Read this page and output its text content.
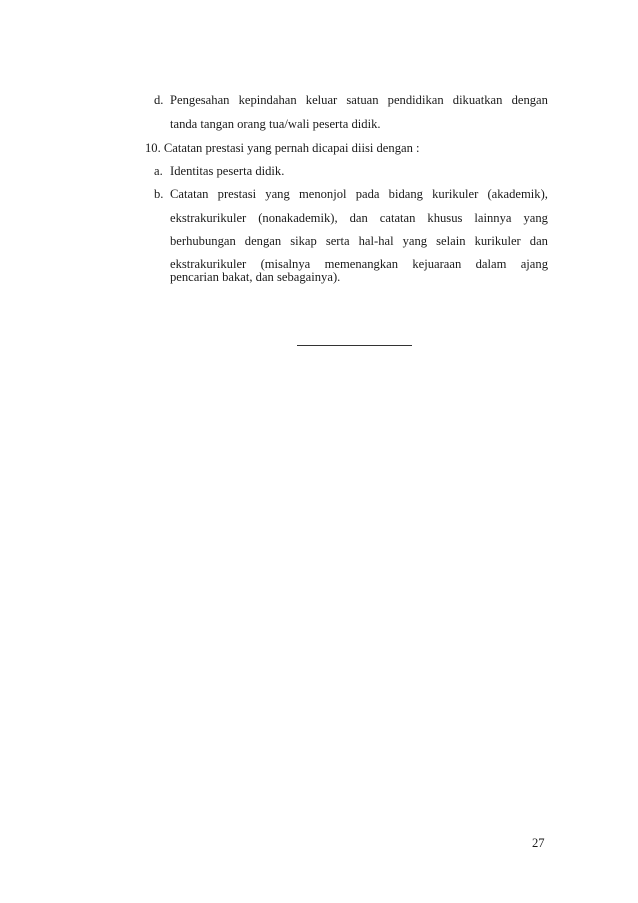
d. Pengesahan kepindahan keluar satuan pendidikan dikuatkan dengan
tanda tangan orang tua/wali peserta didik.
10. Catatan prestasi yang pernah dicapai diisi dengan :
a. Identitas peserta didik.
b. Catatan prestasi yang menonjol pada bidang kurikuler (akademik),
ekstrakurikuler (nonakademik), dan catatan khusus lainnya yang
berhubungan dengan sikap serta hal-hal yang selain kurikuler dan
ekstrakurikuler (misalnya memenangkan kejuaraan dalam ajang
pencarian bakat, dan sebagainya).
27
